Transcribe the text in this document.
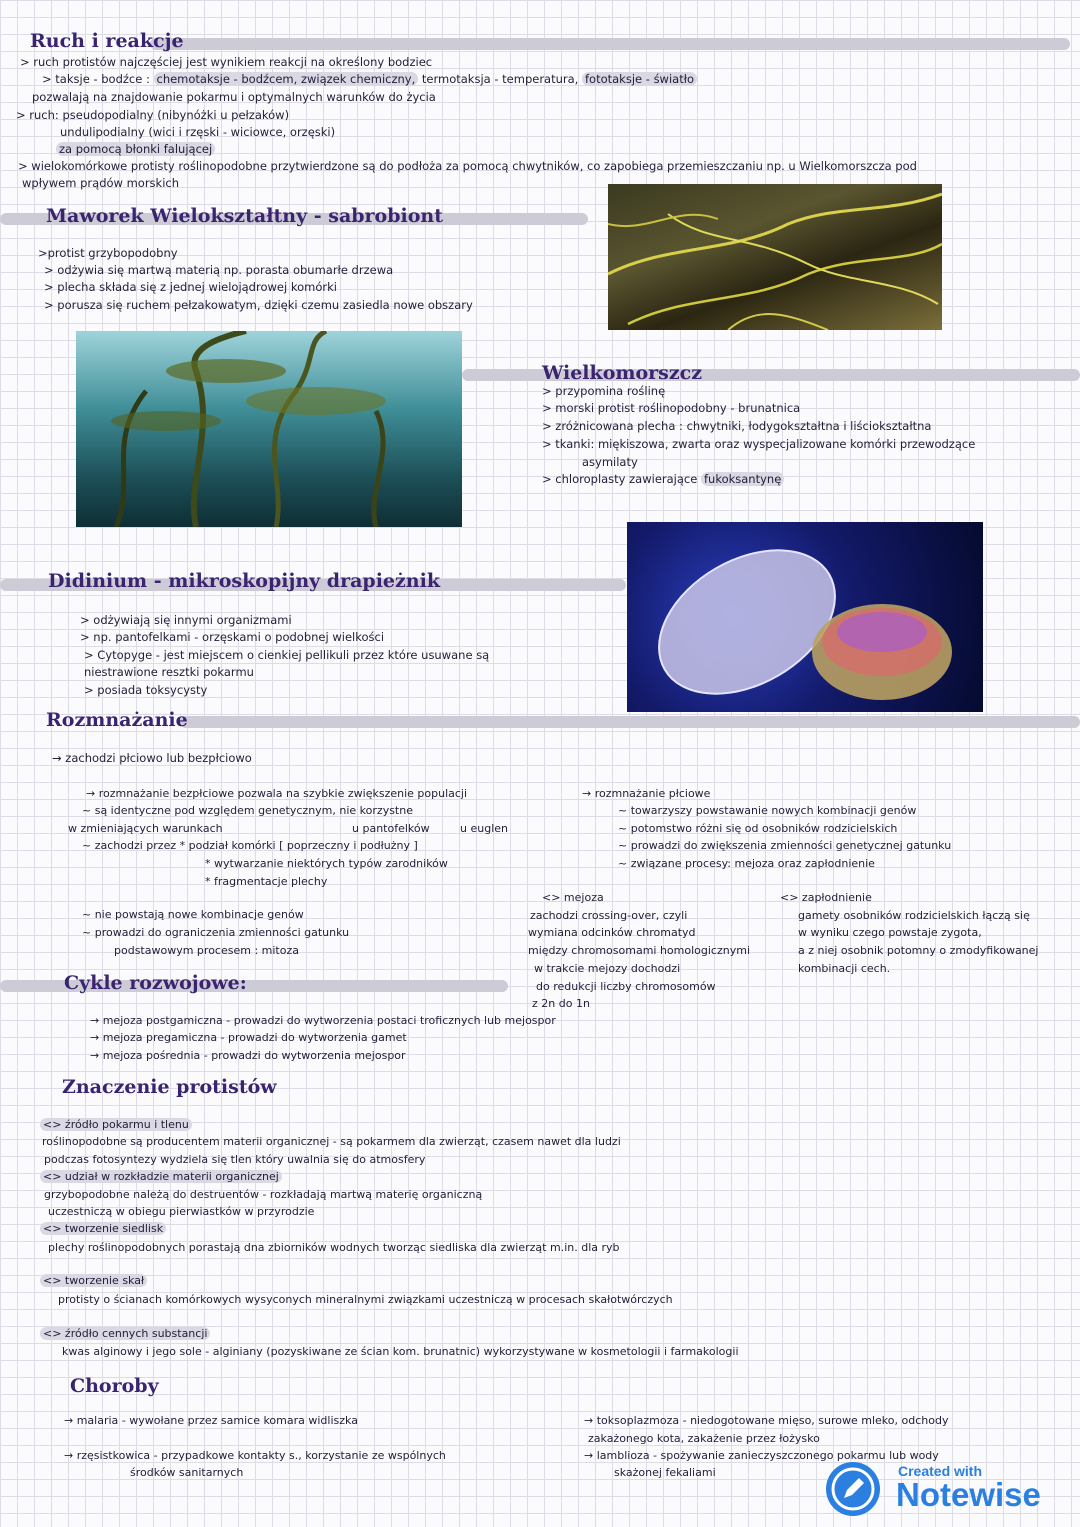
Ruch i reakcje
> ruch protistów najczęściej jest wynikiem reakcji na określony bodziec
> taksje - bodźce : chemotaksje - bodźcem, związek chemiczny, termotaksja - temperatura, fototaksje - światło
pozwalają na znajdowanie pokarmu i optymalnych warunków do życia
> ruch: pseudopodialny (nibynóżki u pełzaków)
undulipodialny (wici i rzęski - wiciowce, orzęski)
za pomocą błonki falującej
> wielokomórkowe protisty roślinopodobne przytwierdzone są do podłoża za pomocą chwytników, co zapobiega przemieszczaniu np. u Wielkomorszcza pod
wpływem prądów morskich
Maworek Wielokształtny - sabrobiont
>protist grzybopodobny
> odżywia się martwą materią np. porasta obumarłe drzewa
> plecha składa się z jednej wielojądrowej komórki
> porusza się ruchem pełzakowatym, dzięki czemu zasiedla nowe obszary
Wielkomorszcz
> przypomina roślinę
> morski protist roślinopodobny - brunatnica
> zróżnicowana plecha : chwytniki, łodygokształtna i liściokształtna
> tkanki: miękiszowa, zwarta oraz wyspecjalizowane komórki przewodzące
asymilaty
> chloroplasty zawierające fukoksantynę
Didinium - mikroskopijny drapieżnik
> odżywiają się innymi organizmami
> np. pantofelkami - orzęskami o podobnej wielkości
> Cytopyge - jest miejscem o cienkiej pellikuli przez które usuwane są
niestrawione resztki pokarmu
> posiada toksycysty
Rozmnażanie
→ zachodzi płciowo lub bezpłciowo
→ rozmnażanie bezpłciowe pozwala na szybkie zwiększenie populacji
~ są identyczne pod względem genetycznym, nie korzystne
w zmieniających warunkach	u pantofelków	u euglen
~ zachodzi przez * podział komórki [ poprzeczny i podłużny ]
* wytwarzanie niektórych typów zarodników
* fragmentacje plechy
~ nie powstają nowe kombinacje genów
~ prowadzi do ograniczenia zmienności gatunku
podstawowym procesem : mitoza
→ rozmnażanie płciowe
~ towarzyszy powstawanie nowych kombinacji genów
~ potomstwo różni się od osobników rodzicielskich
~ prowadzi do zwiększenia zmienności genetycznej gatunku
~ związane procesy: mejoza oraz zapłodnienie
<> mejoza
zachodzi crossing-over, czyli
wymiana odcinków chromatyd
między chromosomami homologicznymi
w trakcie mejozy dochodzi
do redukcji liczby chromosomów
z 2n do 1n
<> zapłodnienie
gamety osobników rodzicielskich łączą się
w wyniku czego powstaje zygota,
a z niej osobnik potomny o zmodyfikowanej
kombinacji cech.
Cykle rozwojowe:
→ mejoza postgamiczna - prowadzi do wytworzenia postaci troficznych lub mejospor
→ mejoza pregamiczna - prowadzi do wytworzenia gamet
→ mejoza pośrednia - prowadzi do wytworzenia mejospor
Znaczenie protistów
<> źródło pokarmu i tlenu
roślinopodobne są producentem materii organicznej - są pokarmem dla zwierząt, czasem nawet dla ludzi
podczas fotosyntezy wydziela się tlen który uwalnia się do atmosfery
<> udział w rozkładzie materii organicznej
grzybopodobne należą do destruentów - rozkładają martwą materię organiczną
uczestniczą w obiegu pierwiastków w przyrodzie
<> tworzenie siedlisk
plechy roślinopodobnych porastają dna zbiorników wodnych tworząc siedliska dla zwierząt m.in. dla ryb
<> tworzenie skał
protisty o ścianach komórkowych wysyconych mineralnymi związkami uczestniczą w procesach skałotwórczych
<> źródło cennych substancji
kwas alginowy i jego sole - alginiany (pozyskiwane ze ścian kom. brunatnic) wykorzystywane w kosmetologii i farmakologii
Choroby
→ malaria - wywołane przez samice komara widliszka
→ rzęsistkowica - przypadkowe kontakty s., korzystanie ze wspólnych
środków sanitarnych
→ toksoplazmoza - niedogotowane mięso, surowe mleko, odchody
zakażonego kota, zakażenie przez łożysko
→ lamblioza - spożywanie zanieczyszczonego pokarmu lub wody
skażonej fekaliami	Created with
Notewise
